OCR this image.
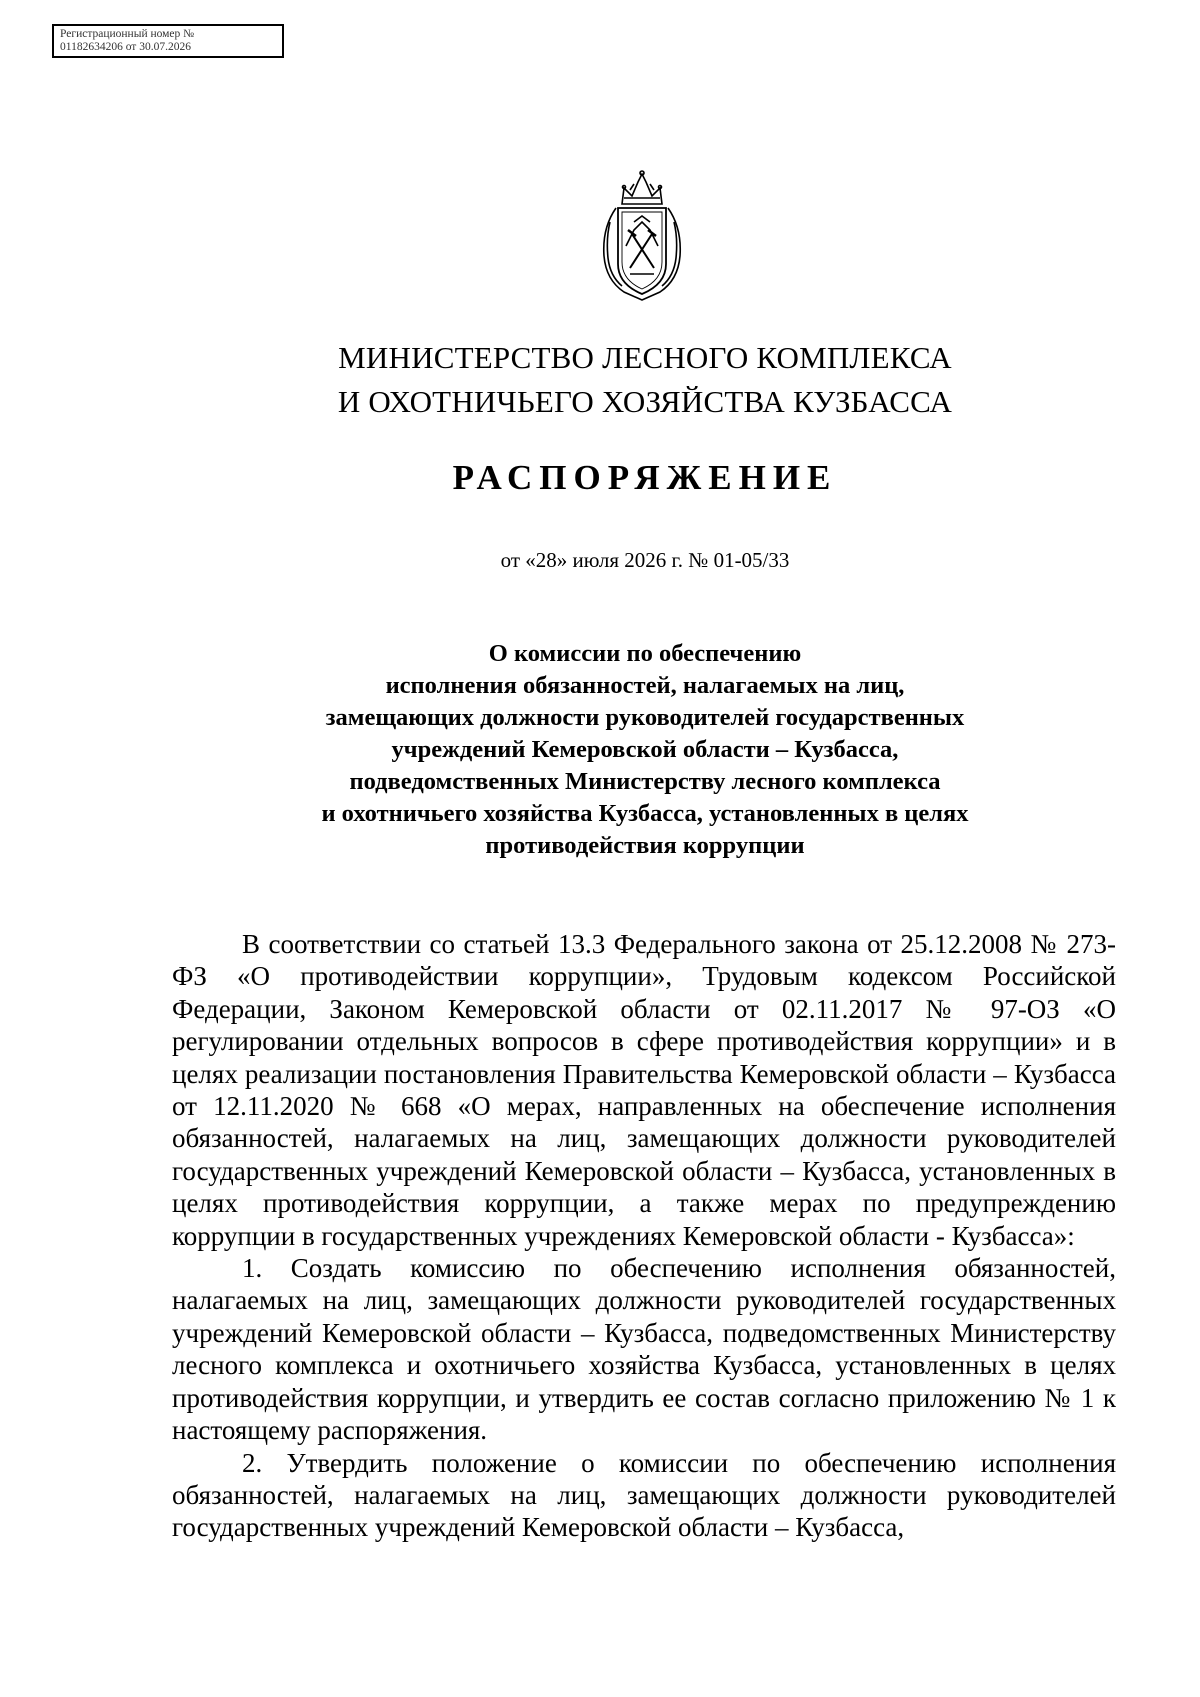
Регистрационный номер №
01182634206 от 30.07.2026
МИНИСТЕРСТВО ЛЕСНОГО КОМПЛЕКСА
И ОХОТНИЧЬЕГО ХОЗЯЙСТВА КУЗБАССА
РАСПОРЯЖЕНИЕ
от «28» июля 2026 г. № 01-05/33
О комиссии по обеспечению
исполнения обязанностей, налагаемых на лиц,
замещающих должности руководителей государственных
учреждений Кемеровской области – Кузбасса,
подведомственных Министерству лесного комплекса
и охотничьего хозяйства Кузбасса, установленных в целях
противодействия коррупции

В соответствии со статьей 13.3 Федерального закона от 25.12.2008 № 273-ФЗ «О противодействии коррупции», Трудовым кодексом Российской Федерации, Законом Кемеровской области от 02.11.2017 № 97-ОЗ «О регулировании отдельных вопросов в сфере противодействия коррупции» и в целях реализации постановления Правительства Кемеровской области – Кузбасса от 12.11.2020 № 668 «О мерах, направленных на обеспечение исполнения обязанностей, налагаемых на лиц, замещающих должности руководителей государственных учреждений Кемеровской области – Кузбасса, установленных в целях противодействия коррупции, а также мерах по предупреждению коррупции в государственных учреждениях Кемеровской области - Кузбасса»:

1. Создать комиссию по обеспечению исполнения обязанностей, налагаемых на лиц, замещающих должности руководителей государственных учреждений Кемеровской области – Кузбасса, подведомственных Министерству лесного комплекса и охотничьего хозяйства Кузбасса, установленных в целях противодействия коррупции, и утвердить ее состав согласно приложению № 1 к настоящему распоряжения.

2. Утвердить положение о комиссии по обеспечению исполнения обязанностей, налагаемых на лиц, замещающих должности руководителей государственных учреждений Кемеровской области – Кузбасса,
